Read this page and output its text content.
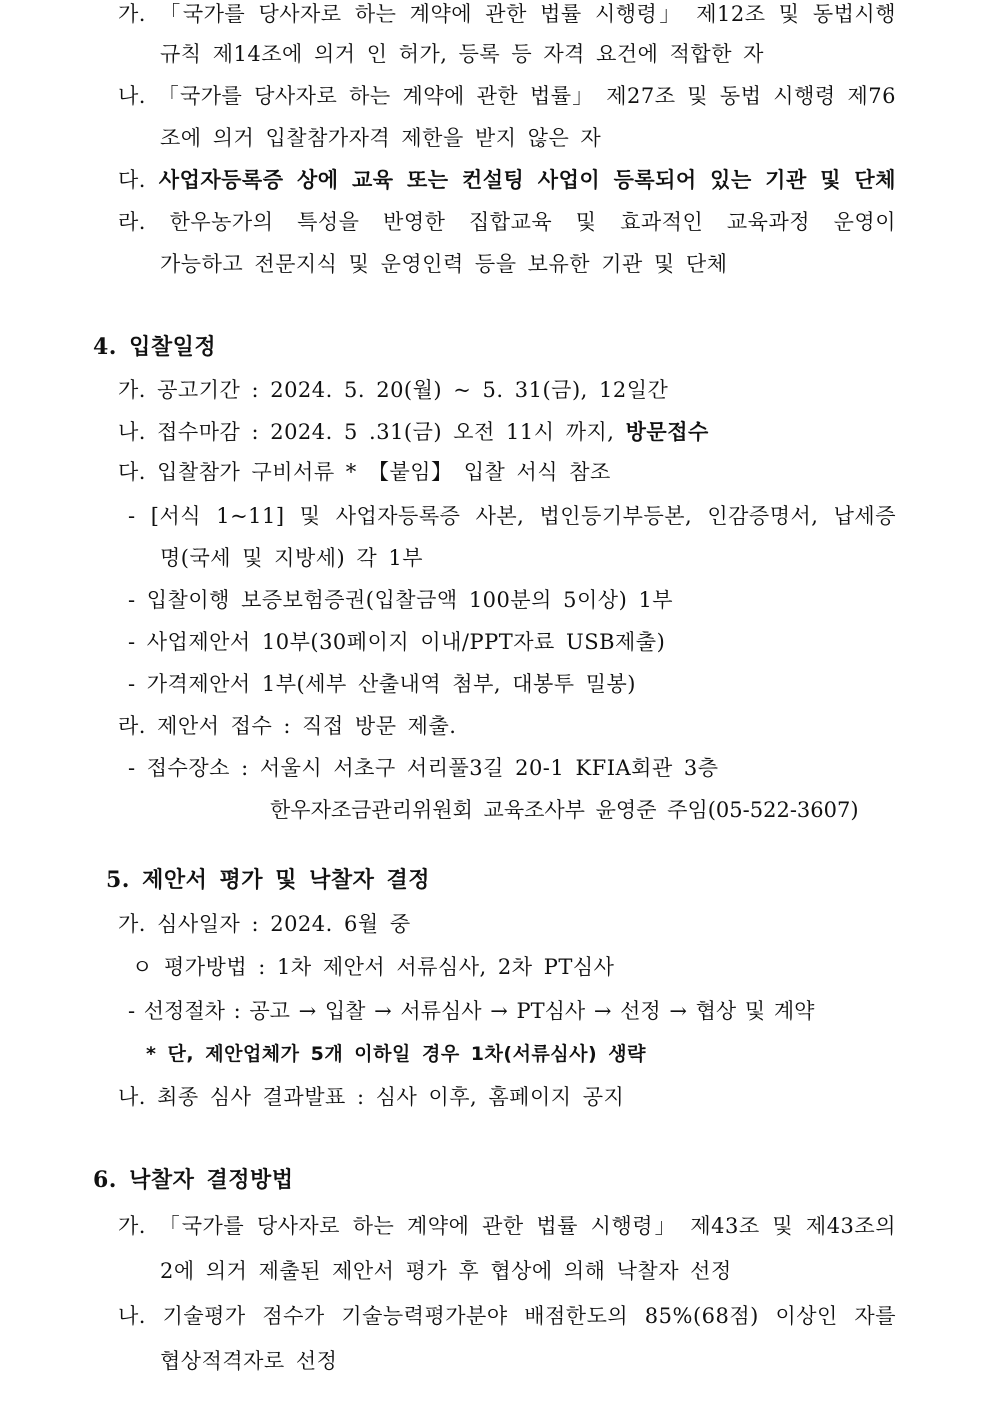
가. 「국가를 당사자로 하는 계약에 관한 법률 시행령」 제12조 및 동법시행
규칙 제14조에 의거 인 허가, 등록 등 자격 요건에 적합한 자
나. 「국가를 당사자로 하는 계약에 관한 법률」 제27조 및 동법 시행령 제76
조에 의거 입찰참가자격 제한을 받지 않은 자
다. 사업자등록증 상에 교육 또는 컨설팅 사업이 등록되어 있는 기관 및 단체
라. 한우농가의 특성을 반영한 집합교육 및 효과적인 교육과정 운영이
가능하고 전문지식 및 운영인력 등을 보유한 기관 및 단체
4. 입찰일정
가. 공고기간 : 2024. 5. 20(월) ~ 5. 31(금), 12일간
나. 접수마감 : 2024. 5 .31(금) 오전 11시 까지, 방문접수
다. 입찰참가 구비서류 * 【붙임】 입찰 서식 참조
- [서식 1~11] 및 사업자등록증 사본, 법인등기부등본, 인감증명서, 납세증
명(국세 및 지방세) 각 1부
- 입찰이행 보증보험증권(입찰금액 100분의 5이상) 1부
- 사업제안서 10부(30페이지 이내/PPT자료 USB제출)
- 가격제안서 1부(세부 산출내역 첨부, 대봉투 밀봉)
라. 제안서 접수 : 직접 방문 제출.
- 접수장소 : 서울시 서초구 서리풀3길 20-1 KFIA회관 3층
한우자조금관리위원회 교육조사부 윤영준 주임(05-522-3607)
5. 제안서 평가 및 낙찰자 결정
가. 심사일자 : 2024. 6월 중
ㅇ 평가방법 : 1차 제안서 서류심사, 2차 PT심사
- 선정절차 : 공고 → 입찰 → 서류심사 → PT심사 → 선정 → 협상 및 계약
* 단, 제안업체가 5개 이하일 경우 1차(서류심사) 생략
나. 최종 심사 결과발표 : 심사 이후, 홈페이지 공지
6. 낙찰자 결정방법
가. 「국가를 당사자로 하는 계약에 관한 법률 시행령」 제43조 및 제43조의
2에 의거 제출된 제안서 평가 후 협상에 의해 낙찰자 선정
나. 기술평가 점수가 기술능력평가분야 배점한도의 85%(68점) 이상인 자를
협상적격자로 선정
